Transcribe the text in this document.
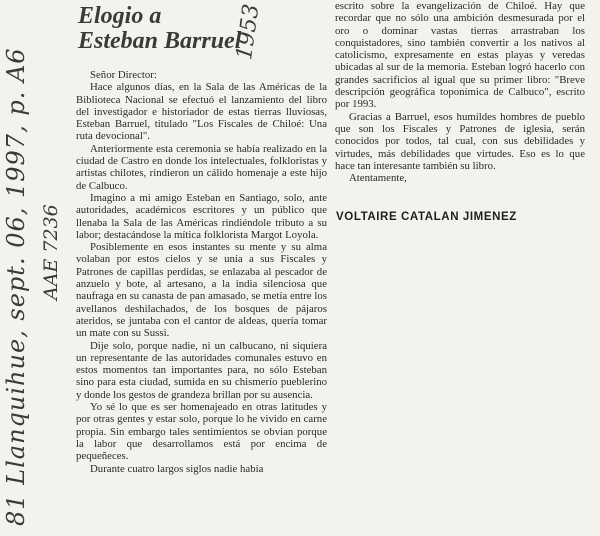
Elogio a
Esteban Barruel
1953
81 Llanquihue, sept. 06, 1997, p. A6 AAE 7236

Señor Director:

Hace algunos días, en la Sala de las Américas de la Biblioteca Nacional se efectuó el lanzamiento del libro del investigador e historiador de estas tierras lluviosas, Esteban Barruel, titulado "Los Fiscales de Chiloé: Una ruta devocional".

Anteriormente esta ceremonia se había realizado en la ciudad de Castro en donde los intelectuales, folkloristas y artistas chilotes, rindieron un cálido homenaje a este hijo de Calbuco.

Imagino a mi amigo Esteban en Santiago, solo, ante autoridades, académicos escritores y un público que llenaba la Sala de las Américas rindiéndole tributo a su labor; destacándose la mítica folklorista Margot Loyola.

Posiblemente en esos instantes su mente y su alma volaban por estos cielos y se unía a sus Fiscales y Patrones de capillas perdidas, se enlazaba al pescador de anzuelo y bote, al artesano, a la india silenciosa que naufraga en su canasta de pan amasado, se metía entre los avellanos deshilachados, de los bosques de pájaros ateridos, se juntaba con el cantor de aldeas, quería tomar un mate con su Sussi.

Dije solo, porque nadie, ni un calbucano, ni siquiera un representante de las autoridades comunales estuvo en estos momentos tan importantes para, no sólo Esteban sino para esta ciudad, sumida en su chismerío pueblerino y donde los gestos de grandeza brillan por su ausencia.

Yo sé lo que es ser homenajeado en otras latitudes y por otras gentes y estar solo, porque lo he vivido en carne propia. Sin embargo tales sentimientos se obvian porque la labor que desarrollamos está por encima de pequeñeces.

Durante cuatro largos siglos nadie había

escrito sobre la evangelización de Chiloé. Hay que recordar que no sólo una ambición desmesurada por el oro o dominar vastas tierras arrastraban los conquistadores, sino también convertir a los nativos al catolicismo, expresamente en estas playas y veredas ubicadas al sur de la memoria. Esteban logró hacerlo con grandes sacrificios al igual que su primer libro: "Breve descripción geográfica toponímica de Calbuco", escrito por 1993.

Gracias a Barruel, esos humildes hombres de pueblo que son los Fiscales y Patrones de iglesia, serán conocidos por todos, tal cual, con sus debilidades y virtudes, más debilidades que virtudes. Eso es lo que hace tan interesante también su libro.

Atentamente,

VOLTAIRE CATALAN JIMENEZ
